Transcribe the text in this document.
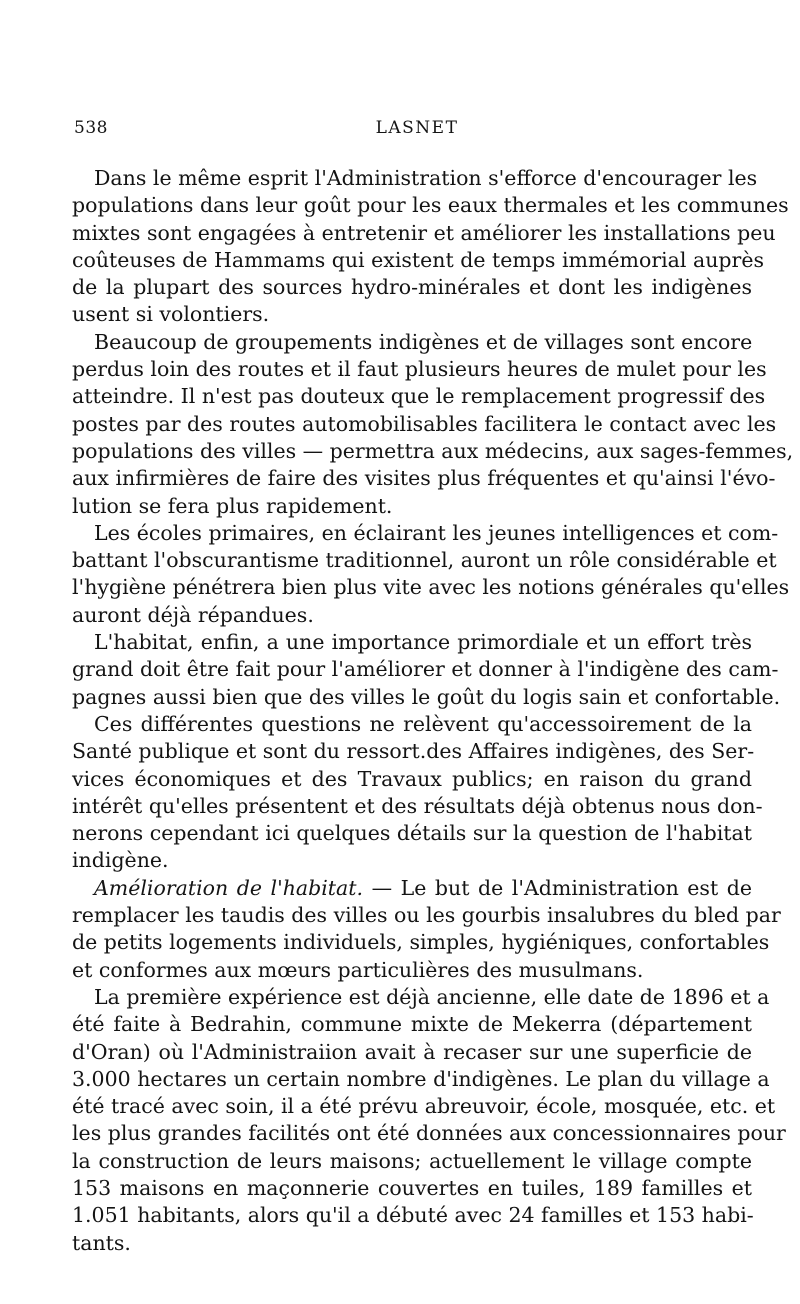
538	LASNET

Dans le même esprit l'Administration s'efforce d'encourager les
populations dans leur goût pour les eaux thermales et les communes
mixtes sont engagées à entretenir et améliorer les installations peu
coûteuses de Hammams qui existent de temps immémorial auprès
de la plupart des sources hydro-minérales et dont les indigènes
usent si volontiers.

Beaucoup de groupements indigènes et de villages sont encore
perdus loin des routes et il faut plusieurs heures de mulet pour les
atteindre. Il n'est pas douteux que le remplacement progressif des
postes par des routes automobilisables facilitera le contact avec les
populations des villes — permettra aux médecins, aux sages-femmes,
aux infirmières de faire des visites plus fréquentes et qu'ainsi l'évo-
lution se fera plus rapidement.

Les écoles primaires, en éclairant les jeunes intelligences et com-
battant l'obscurantisme traditionnel, auront un rôle considérable et
l'hygiène pénétrera bien plus vite avec les notions générales qu'elles
auront déjà répandues.

L'habitat, enfin, a une importance primordiale et un effort très
grand doit être fait pour l'améliorer et donner à l'indigène des cam-
pagnes aussi bien que des villes le goût du logis sain et confortable.

Ces différentes questions ne relèvent qu'accessoirement de la
Santé publique et sont du ressort.des Affaires indigènes, des Ser-
vices économiques et des Travaux publics; en raison du grand
intérêt qu'elles présentent et des résultats déjà obtenus nous don-
nerons cependant ici quelques détails sur la question de l'habitat
indigène.

Amélioration de l'habitat. — Le but de l'Administration est de
remplacer les taudis des villes ou les gourbis insalubres du bled par
de petits logements individuels, simples, hygiéniques, confortables
et conformes aux mœurs particulières des musulmans.

La première expérience est déjà ancienne, elle date de 1896 et a
été faite à Bedrahin, commune mixte de Mekerra (département
d'Oran) où l'Administraiion avait à recaser sur une superficie de
3.000 hectares un certain nombre d'indigènes. Le plan du village a
été tracé avec soin, il a été prévu abreuvoir, école, mosquée, etc. et
les plus grandes facilités ont été données aux concessionnaires pour
la construction de leurs maisons; actuellement le village compte
153 maisons en maçonnerie couvertes en tuiles, 189 familles et
1.051 habitants, alors qu'il a débuté avec 24 familles et 153 habi-
tants.
